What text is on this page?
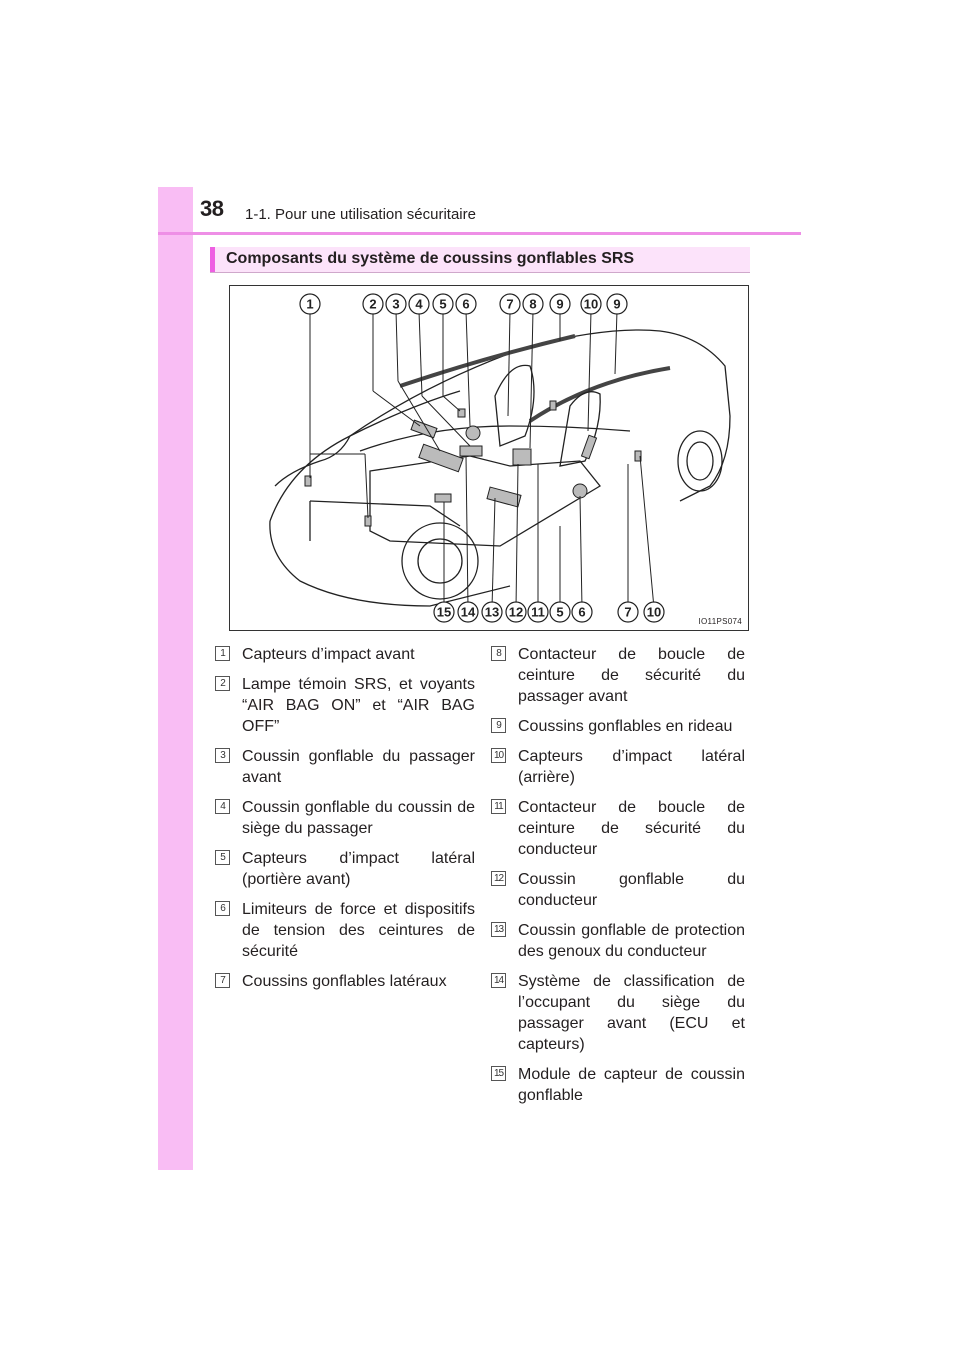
38 1-1. Pour une utilisation sécuritaire
Composants du système de coussins gonflables SRS
1	2 3 4 5 6	7 8 9 10 9
15 14 13 12 11 5 6	7 10
IO11PS074
1	Capteurs d’impact avant
2	Lampe témoin SRS, et voyants “AIR BAG ON” et “AIR BAG OFF”
3	Coussin gonflable du passager avant
4	Coussin gonflable du coussin de siège du passager
5	Capteurs d’impact latéral (portière avant)
6	Limiteurs de force et dispositifs de tension des ceintures de sécurité
7	Coussins gonflables latéraux
8	Contacteur de boucle de ceinture de sécurité du passager avant
9	Coussins gonflables en rideau
10 Capteurs d’impact latéral (arrière)
11 Contacteur de boucle de ceinture de sécurité du conducteur
12 Coussin gonflable du conducteur
13 Coussin gonflable de protection des genoux du conducteur
14 Système de classification de l’occupant du siège du passager avant (ECU et capteurs)
15 Module de capteur de coussin gonflable
